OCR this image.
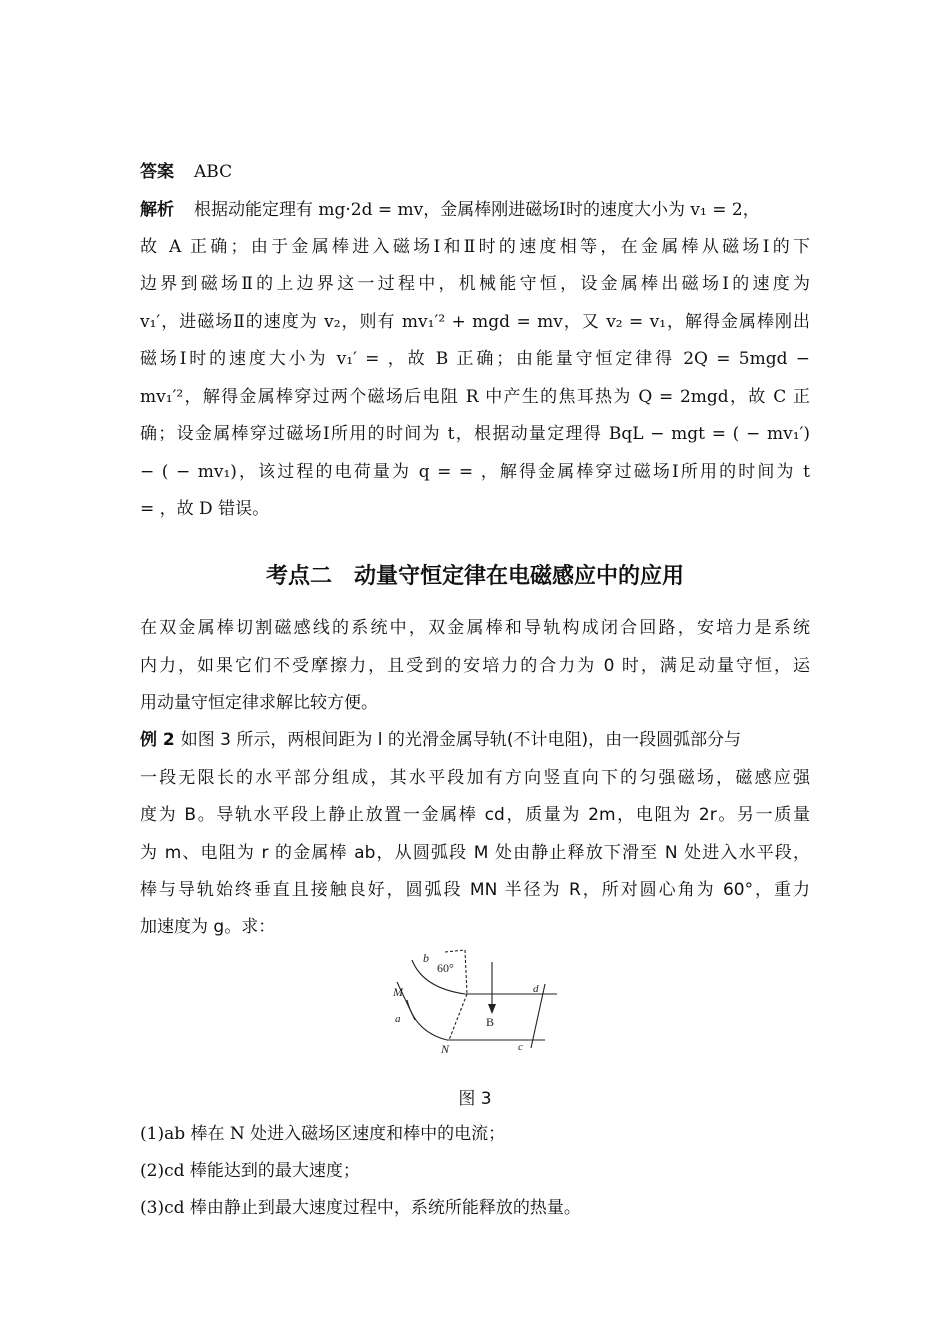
答案 ABC
解析 根据动能定理有 mg·2d = mv，金属棒刚进磁场Ⅰ时的速度大小为 v₁ = 2，
故 A 正确；由于金属棒进入磁场Ⅰ和Ⅱ时的速度相等，在金属棒从磁场Ⅰ的下
边界到磁场Ⅱ的上边界这一过程中，机械能守恒，设金属棒出磁场Ⅰ的速度为
v₁′，进磁场Ⅱ的速度为 v₂，则有 mv₁′² + mgd = mv，又 v₂ = v₁，解得金属棒刚出
磁场Ⅰ时的速度大小为 v₁′ = ，故 B 正确；由能量守恒定律得 2Q = 5mgd −
mv₁′²，解得金属棒穿过两个磁场后电阻 R 中产生的焦耳热为 Q = 2mgd，故 C 正
确；设金属棒穿过磁场Ⅰ所用的时间为 t，根据动量定理得 BqL − mgt = ( − mv₁′)
− ( − mv₁)，该过程的电荷量为 q = = ，解得金属棒穿过磁场Ⅰ所用的时间为 t
= ，故 D 错误。
考点二　动量守恒定律在电磁感应中的应用
在双金属棒切割磁感线的系统中，双金属棒和导轨构成闭合回路，安培力是系统
内力，如果它们不受摩擦力，且受到的安培力的合力为 0 时，满足动量守恒，运
用动量守恒定律求解比较方便。
例 2 如图 3 所示，两根间距为 l 的光滑金属导轨(不计电阻)，由一段圆弧部分与
一段无限长的水平部分组成，其水平段加有方向竖直向下的匀强磁场，磁感应强
度为 B。导轨水平段上静止放置一金属棒 cd，质量为 2m，电阻为 2r。另一质量
为 m、电阻为 r 的金属棒 ab，从圆弧段 M 处由静止释放下滑至 N 处进入水平段，
棒与导轨始终垂直且接触良好，圆弧段 MN 半径为 R，所对圆心角为 60°，重力
加速度为 g。求：
b
M
a
N
B
c
d
60°
图 3
(1)ab 棒在 N 处进入磁场区速度和棒中的电流；
(2)cd 棒能达到的最大速度；
(3)cd 棒由静止到最大速度过程中，系统所能释放的热量。
